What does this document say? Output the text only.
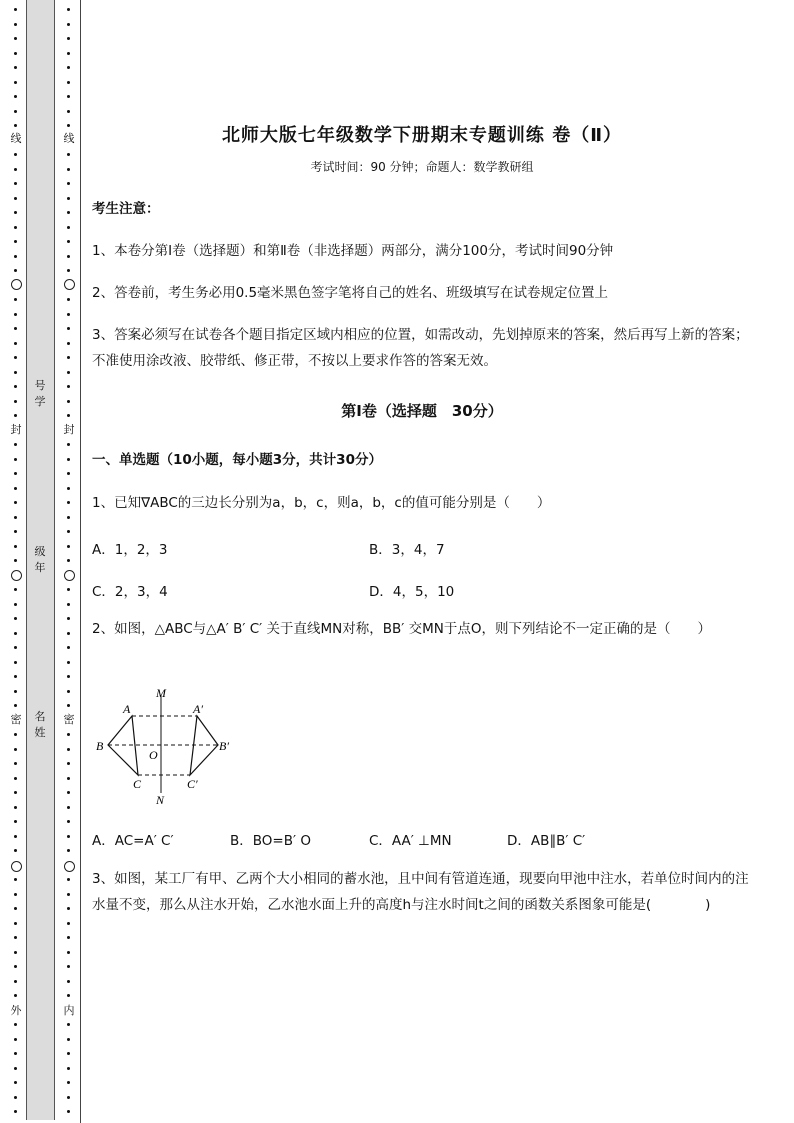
线
封
密
外
线
封
密
内
号学
级年
名姓
北师大版七年级数学下册期末专题训练 卷（Ⅱ）
考试时间：90 分钟；命题人：数学教研组
考生注意：
1、本卷分第Ⅰ卷（选择题）和第Ⅱ卷（非选择题）两部分，满分100分，考试时间90分钟
2、答卷前，考生务必用0.5毫米黑色签字笔将自己的姓名、班级填写在试卷规定位置上
3、答案必须写在试卷各个题目指定区域内相应的位置，如需改动，先划掉原来的答案，然后再写上新的答案；不准使用涂改液、胶带纸、修正带，不按以上要求作答的答案无效。
第Ⅰ卷（选择题　30分）
一、单选题（10小题，每小题3分，共计30分）
1、已知∇ABC的三边长分别为a，b，c，则a，b，c的值可能分别是（　　）
A．1，2，3	B．3，4，7
C．2，3，4	D．4，5，10
2、如图，△ABC与△A′ B′ C′ 关于直线MN对称，BB′ 交MN于点O，则下列结论不一定正确的是（　　）
A．AC=A′ C′	B．BO=B′ O	C．AA′ ⊥MN	D．AB∥B′ C′
3、如图，某工厂有甲、乙两个大小相同的蓄水池，且中间有管道连通，现要向甲池中注水，若单位时间内的注水量不变，那么从注水开始，乙水池水面上升的高度h与注水时间t之间的函数关系图象可能是(　　　　)
M
N
O
A
B
C
A′
B′
C′
